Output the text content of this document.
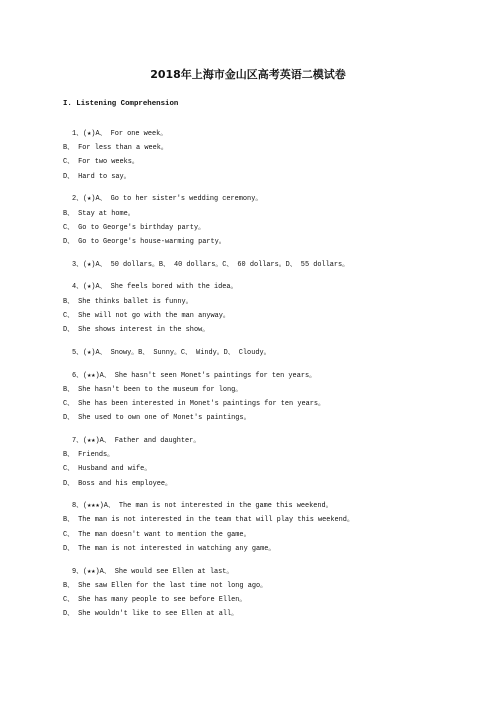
2018年上海市金山区高考英语二模试卷
I. Listening Comprehension
1、(★)A、 For one week。
B、 For less than a week。
C、 For two weeks。
D、 Hard to say。
2、(★)A、 Go to her sister's wedding ceremony。
B、 Stay at home。
C、 Go to George's birthday party。
D、 Go to George's house-warming party。
3、(★)A、 50 dollars。B、 40 dollars。C、 60 dollars。D、 55 dollars。
4、(★)A、 She feels bored with the idea。
B、 She thinks ballet is funny。
C、 She will not go with the man anyway。
D、 She shows interest in the show。
5、(★)A、 Snowy。B、 Sunny。C、 Windy。D、 Cloudy。
6、(★★)A、 She hasn't seen Monet's paintings for ten years。
B、 She hasn't been to the museum for long。
C、 She has been interested in Monet's paintings for ten years。
D、 She used to own one of Monet's paintings。
7、(★★)A、 Father and daughter。
B、 Friends。
C、 Husband and wife。
D、 Boss and his employee。
8、(★★★)A、 The man is not interested in the game this weekend。
B、 The man is not interested in the team that will play this weekend。
C、 The man doesn't want to mention the game。
D、 The man is not interested in watching any game。
9、(★★)A、 She would see Ellen at last。
B、 She saw Ellen for the last time not long ago。
C、 She has many people to see before Ellen。
D、 She wouldn't like to see Ellen at all。
